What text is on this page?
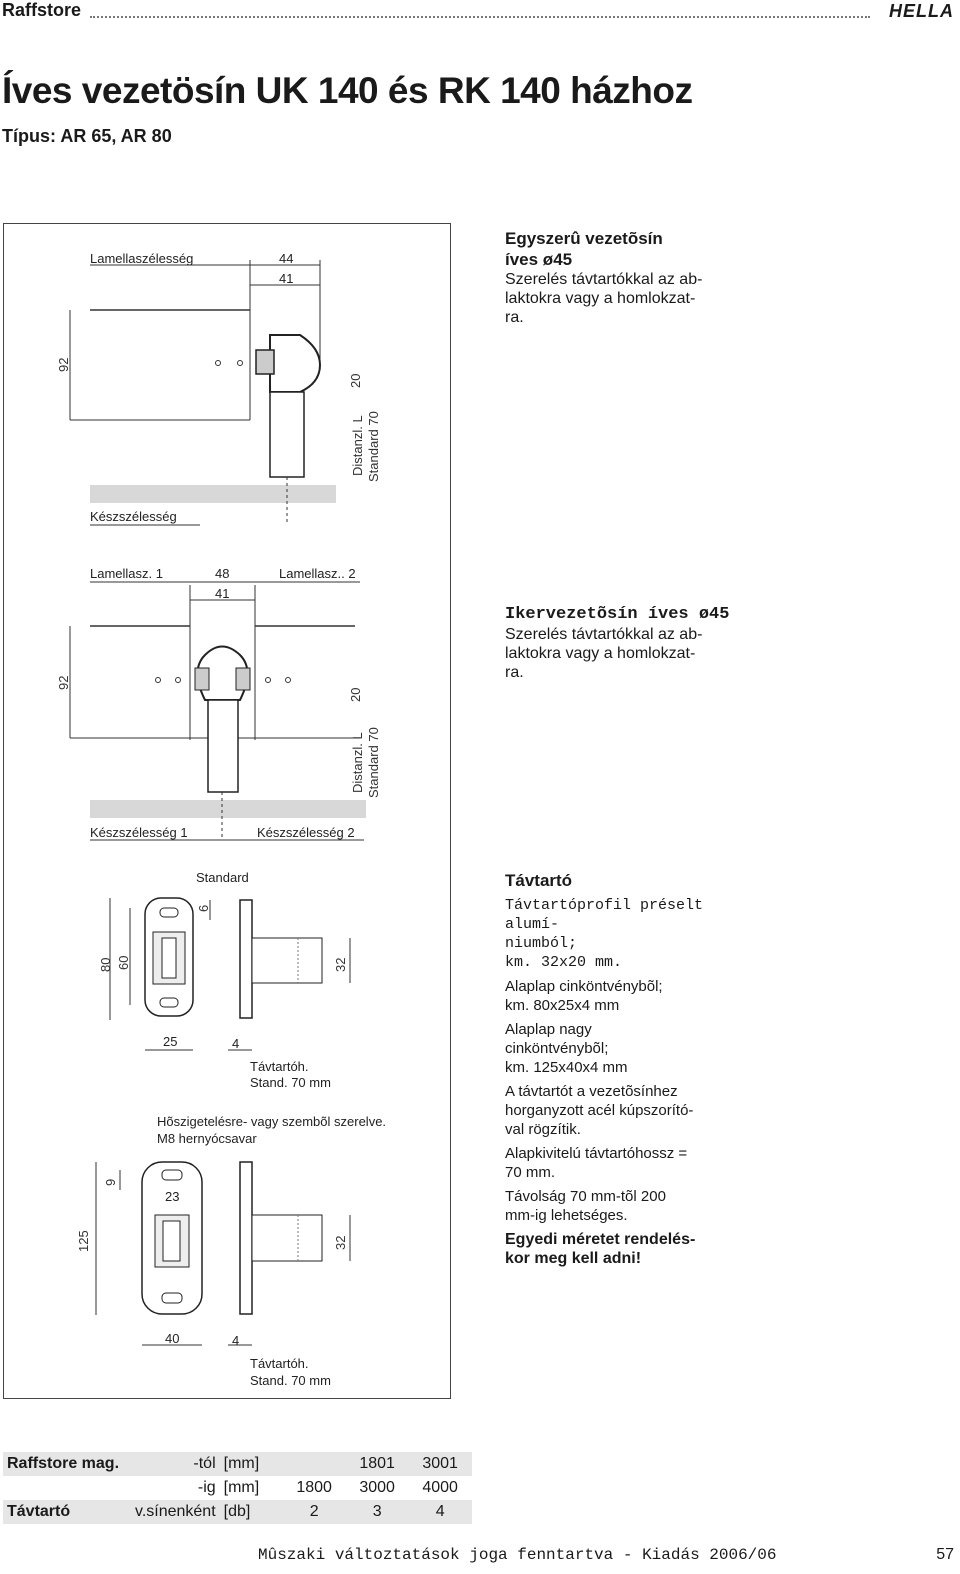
Raffstore	HELLA
Íves vezetösín UK 140 és RK 140 házhoz
Típus: AR 65, AR 80
Lamellaszélesség	44
41
92
20
Distanzl. L Standard 70
Készszélesség
Egyszerû vezetõsín
íves ø45
Szerelés távtartókkal az ab-
laktokra vagy a homlokzat-
ra.
Lamellasz. 1	48
41
Lamellasz.. 2
92
20
Distanzl. L Standard 70
Készszélesség 1	Készszélesség 2
Ikervezetõsín íves ø45
Szerelés távtartókkal az ab-
laktokra vagy a homlokzat-
ra.
Standard
6
80 60	32
25	4
Távtartóh.
Stand. 70 mm
Hõszigetelésre- vagy szembõl szerelve.
M8 hernyócsavar
9
23
125	32
40	4
Távtartóh.
Stand. 70 mm
Távtartó
Távtartóprofil préselt alumí-
niumból;
km. 32x20 mm.
Alaplap cinköntvénybõl;
km. 80x25x4 mm
Alaplap nagy
cinköntvénybõl;
km. 125x40x4 mm
A távtartót a vezetõsínhez
horganyzott acél kúpszorító-
val rögzítik.
Alapkivitelú távtartóhossz =
70 mm.
Távolság 70 mm-tõl 200
mm-ig lehetséges.
Egyedi méretet rendelés-
kor meg kell adni!
Raffstore mag.	-tól	[mm]		1801	3001
	-ig	[mm]	1800	3000	4000
Távtartó	v.sínenként	[db]	2	3	4
Mûszaki változtatások joga fenntartva - Kiadás 2006/06	57
